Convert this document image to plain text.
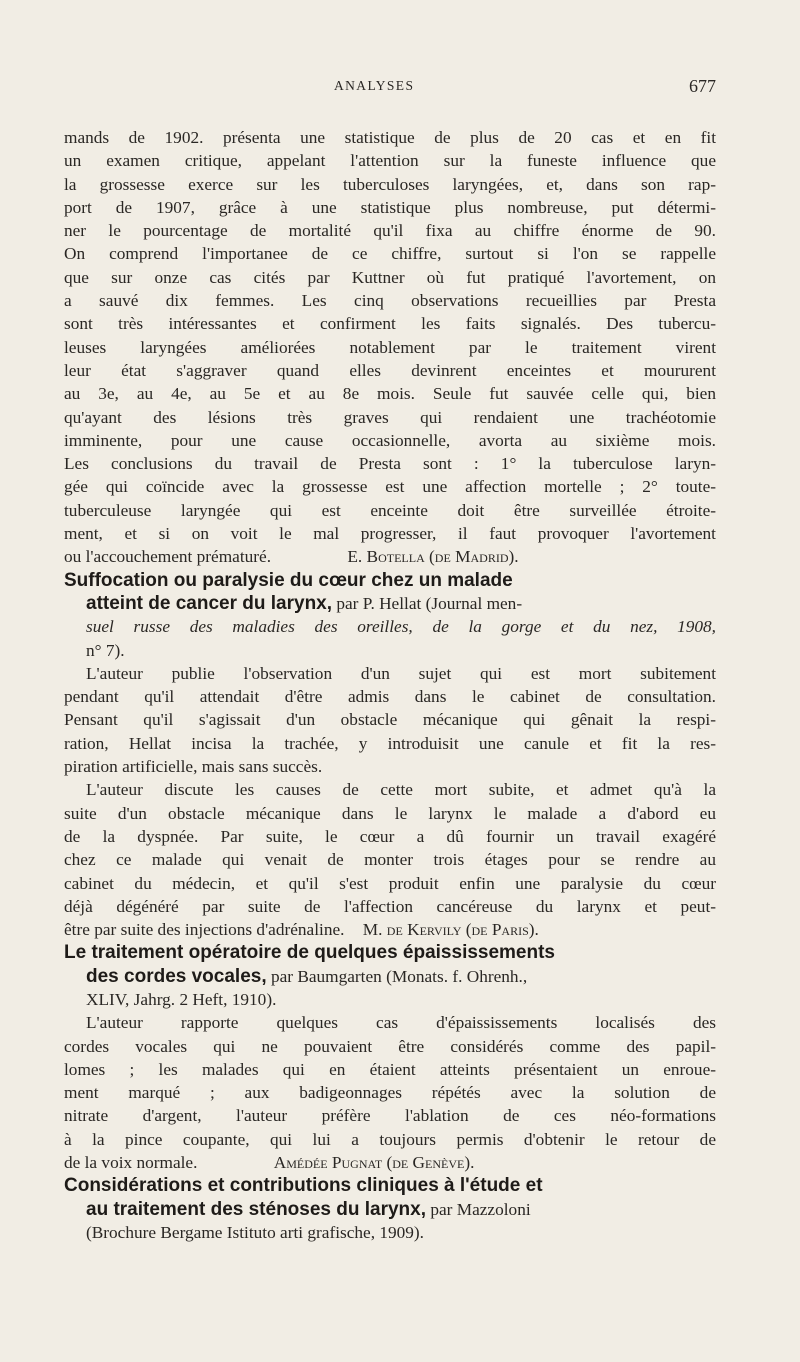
ANALYSES	677
mands de 1902. présenta une statistique de plus de 20 cas et en fit
un examen critique, appelant l'attention sur la funeste influence que
la grossesse exerce sur les tuberculoses laryngées, et, dans son rap-
port de 1907, grâce à une statistique plus nombreuse, put détermi-
ner le pourcentage de mortalité qu'il fixa au chiffre énorme de 90.
On comprend l'importanee de ce chiffre, surtout si l'on se rappelle
que sur onze cas cités par Kuttner où fut pratiqué l'avortement, on
a sauvé dix femmes. Les cinq observations recueillies par Presta
sont très intéressantes et confirment les faits signalés. Des tubercu-
leuses laryngées améliorées notablement par le traitement virent
leur état s'aggraver quand elles devinrent enceintes et moururent
au 3e, au 4e, au 5e et au 8e mois. Seule fut sauvée celle qui, bien
qu'ayant des lésions très graves qui rendaient une trachéotomie
imminente, pour une cause occasionnelle, avorta au sixième mois.
Les conclusions du travail de Presta sont : 1° la tuberculose laryn-
gée qui coïncide avec la grossesse est une affection mortelle ; 2° toute-
tuberculeuse laryngée qui est enceinte doit être surveillée étroite-
ment, et si on voit le mal progresser, il faut provoquer l'avortement
ou l'accouchement prématuré.	E. Botella (de Madrid).
Suffocation ou paralysie du cœur chez un malade
atteint de cancer du larynx, par P. Hellat (Journal men-
suel russe des maladies des oreilles, de la gorge et du nez, 1908,
n° 7).
L'auteur publie l'observation d'un sujet qui est mort subitement
pendant qu'il attendait d'être admis dans le cabinet de consultation.
Pensant qu'il s'agissait d'un obstacle mécanique qui gênait la respi-
ration, Hellat incisa la trachée, y introduisit une canule et fit la res-
piration artificielle, mais sans succès.
L'auteur discute les causes de cette mort subite, et admet qu'à la
suite d'un obstacle mécanique dans le larynx le malade a d'abord eu
de la dyspnée. Par suite, le cœur a dû fournir un travail exagéré
chez ce malade qui venait de monter trois étages pour se rendre au
cabinet du médecin, et qu'il s'est produit enfin une paralysie du cœur
déjà dégénéré par suite de l'affection cancéreuse du larynx et peut-
être par suite des injections d'adrénaline. M. de Kervily (de Paris).
Le traitement opératoire de quelques épaississements
des cordes vocales, par Baumgarten (Monats. f. Ohrenh.,
XLIV, Jahrg. 2 Heft, 1910).
L'auteur rapporte quelques cas d'épaississements localisés des
cordes vocales qui ne pouvaient être considérés comme des papil-
lomes ; les malades qui en étaient atteints présentaient un enroue-
ment marqué ; aux badigeonnages répétés avec la solution de
nitrate d'argent, l'auteur préfère l'ablation de ces néo-formations
à la pince coupante, qui lui a toujours permis d'obtenir le retour de
de la voix normale.	Amédée Pugnat (de Genève).
Considérations et contributions cliniques à l'étude et
au traitement des sténoses du larynx, par Mazzoloni
(Brochure Bergame Istituto arti grafische, 1909).
